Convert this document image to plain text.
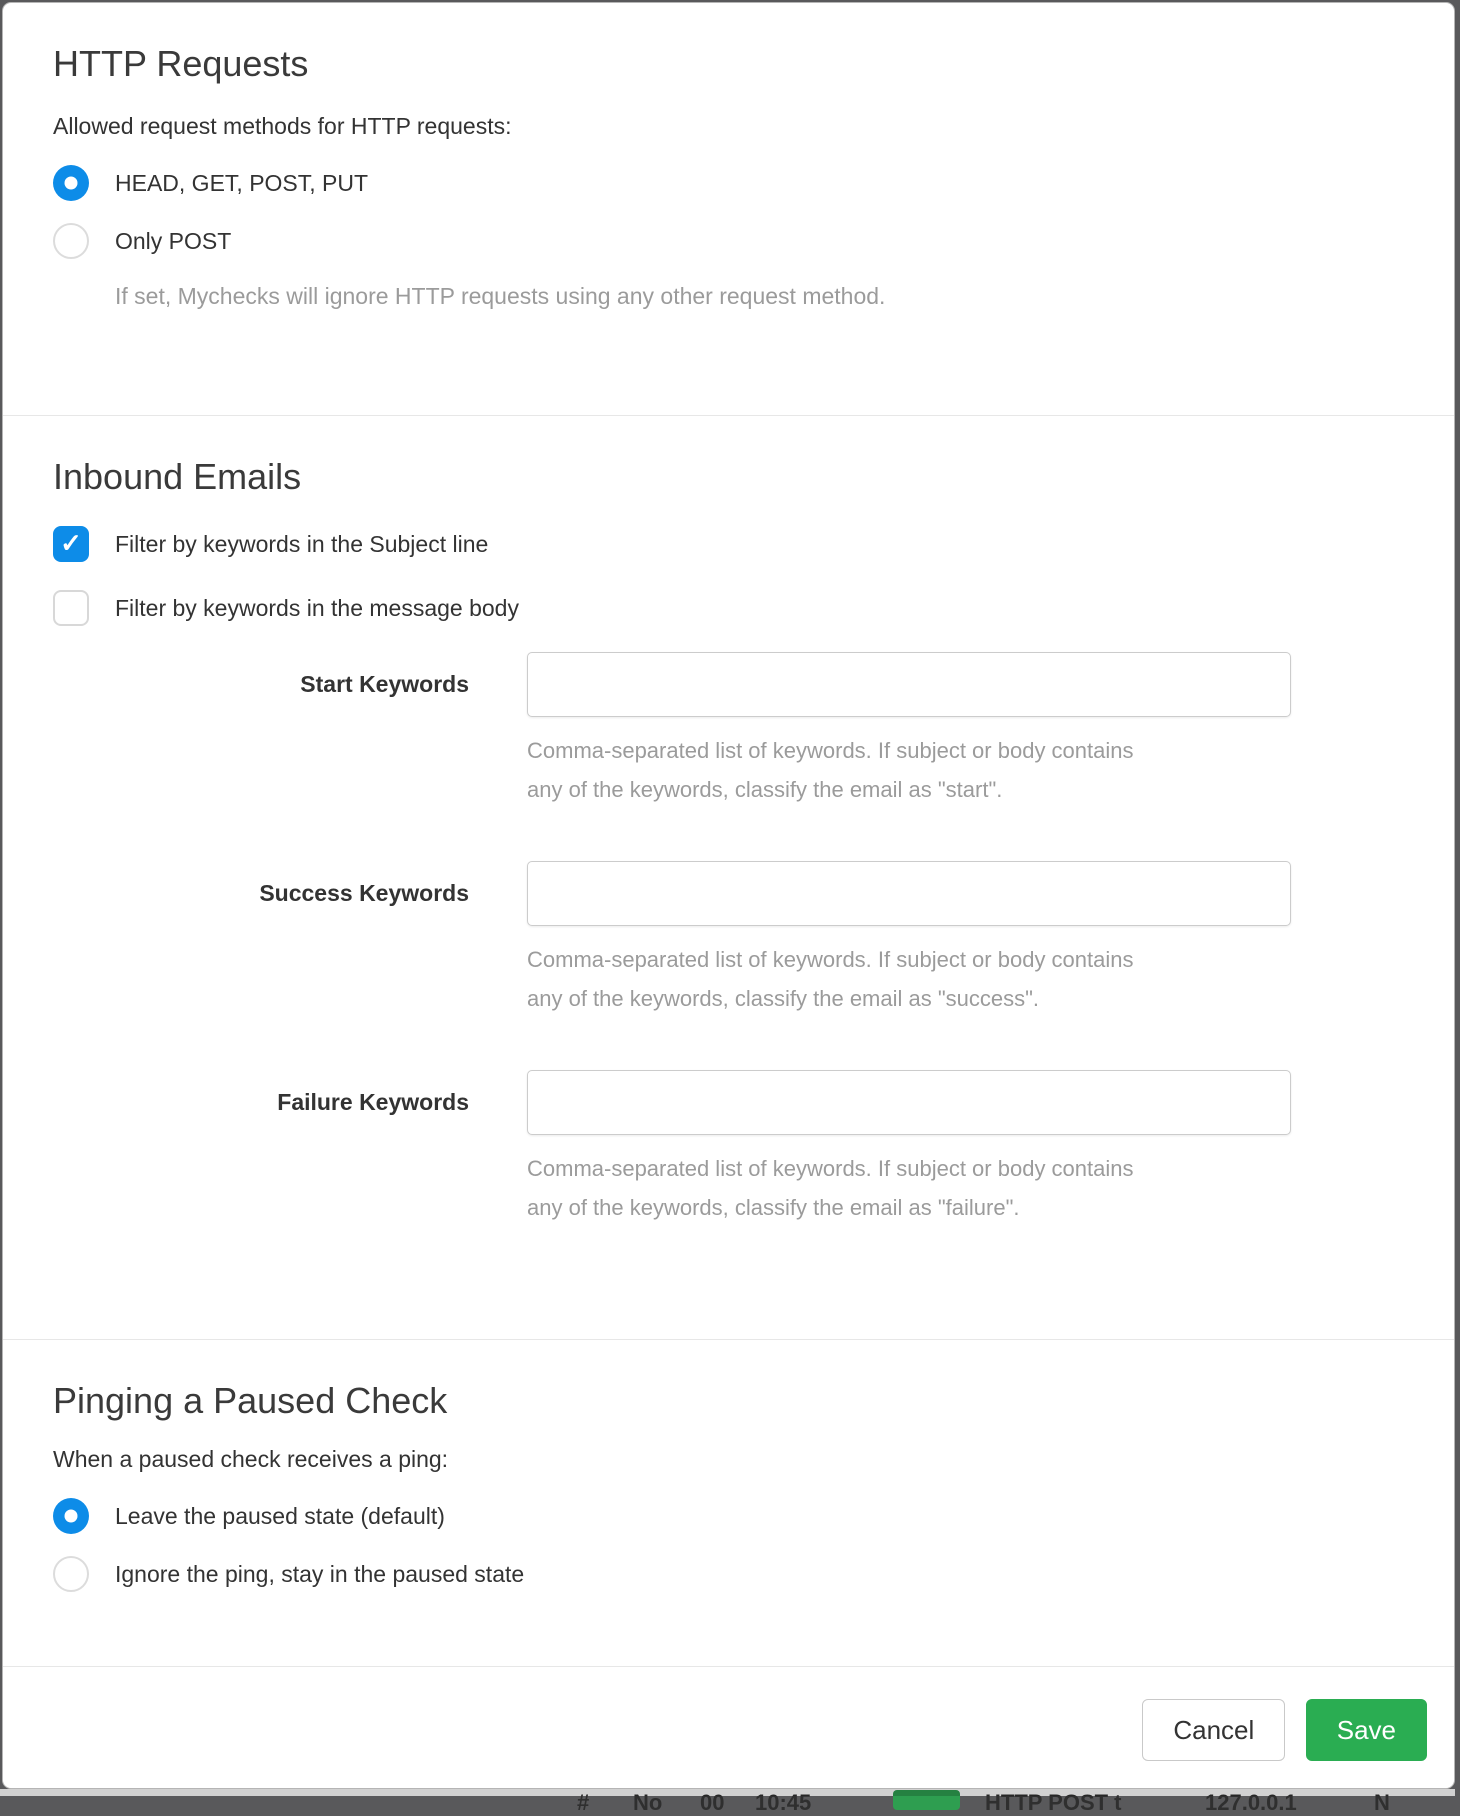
# No 00 10:45	HTTP POST t	127.0.0.1	N
HTTP Requests

Allowed request methods for HTTP requests:

HEAD, GET, POST, PUT
Only POST

If set, Mychecks will ignore HTTP requests using any other request method.

Inbound Emails
✓
Filter by keywords in the Subject line
Filter by keywords in the message body
Start Keywords
Comma-separated list of keywords. If subject or body contains any of the keywords, classify the email as "start".
Success Keywords
Comma-separated list of keywords. If subject or body contains any of the keywords, classify the email as "success".
Failure Keywords
Comma-separated list of keywords. If subject or body contains any of the keywords, classify the email as "failure".
Pinging a Paused Check

When a paused check receives a ping:

Leave the paused state (default)
Ignore the ping, stay in the paused state
Cancel	Save
